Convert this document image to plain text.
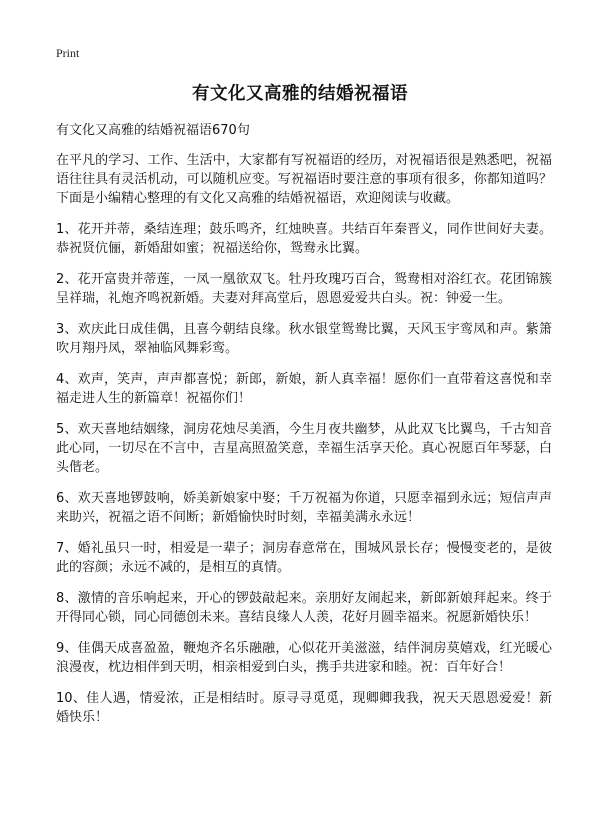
Print
有文化又高雅的结婚祝福语

有文化又高雅的结婚祝福语670句

在平凡的学习、工作、生活中，大家都有写祝福语的经历，对祝福语很是熟悉吧，祝福语往往具有灵活机动，可以随机应变。写祝福语时要注意的事项有很多，你都知道吗？下面是小编精心整理的有文化又高雅的结婚祝福语，欢迎阅读与收藏。

1、花开并蒂，桑结连理；鼓乐鸣齐，红烛映喜。共结百年秦晋义，同作世间好夫妻。恭祝贤伉俪，新婚甜如蜜；祝福送给你，鸳鸯永比翼。

2、花开富贵并蒂莲，一凤一凰欲双飞。牡丹玫瑰巧百合，鸳鸯相对浴红衣。花团锦簇呈祥瑞，礼炮齐鸣祝新婚。夫妻对拜高堂后，恩恩爱爱共白头。祝：钟爱一生。

3、欢庆此日成佳偶，且喜今朝结良缘。秋水银堂鸳鸯比翼，天风玉宇鸾凤和声。紫箫吹月翔丹凤，翠袖临风舞彩鸾。

4、欢声，笑声，声声都喜悦；新郎，新娘，新人真幸福！愿你们一直带着这喜悦和幸福走进人生的新篇章！祝福你们！

5、欢天喜地结姻缘，洞房花烛尽美酒，今生月夜共幽梦，从此双飞比翼鸟，千古知音此心同，一切尽在不言中，吉星高照盈笑意，幸福生活享天伦。真心祝愿百年琴瑟，白头偕老。

6、欢天喜地锣鼓响，娇美新娘家中娶；千万祝福为你道，只愿幸福到永远；短信声声来助兴，祝福之语不间断；新婚愉快时时刻，幸福美满永永远！

7、婚礼虽只一时，相爱是一辈子；洞房春意常在，围城风景长存；慢慢变老的，是彼此的容颜；永远不减的，是相互的真情。

8、激情的音乐响起来，开心的锣鼓敲起来。亲朋好友闹起来，新郎新娘拜起来。终于开得同心锁，同心同德创未来。喜结良缘人人羡，花好月圆幸福来。祝愿新婚快乐！

9、佳偶天成喜盈盈，鞭炮齐名乐融融，心似花开美滋滋，结伴洞房莫嬉戏，红光暖心浪漫夜，枕边相伴到天明，相亲相爱到白头，携手共进家和睦。祝：百年好合！

10、佳人遇，情爱浓，正是相结时。原寻寻觅觅，现卿卿我我，祝天天恩恩爱爱！新婚快乐！
